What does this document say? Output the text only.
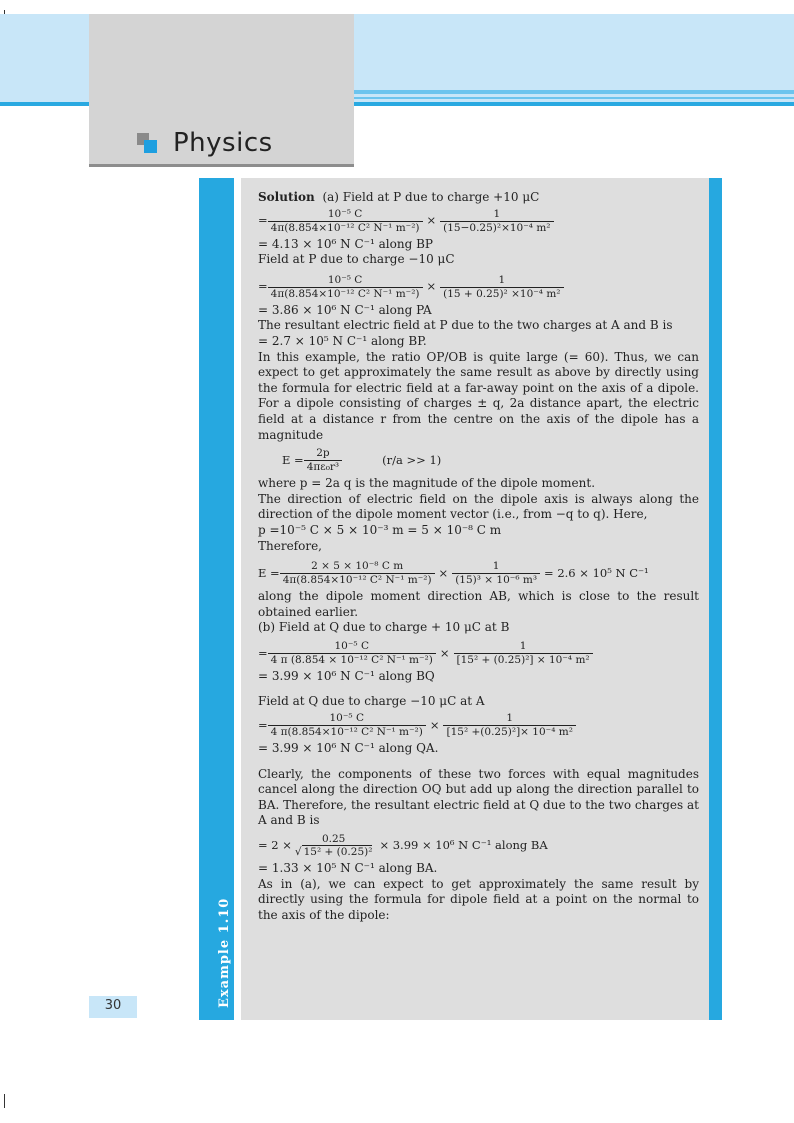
Physics
Example 1.10
30
Solution (a) Field at P due to charge +10 μC
= $\frac{\text{10⁻⁵ C}}{\text{4π(8.854×10⁻¹² C² N⁻¹ m⁻²)}} \times \frac{1}{\text{(15−0.25)²×10⁻⁴ m²}}$
= 4.13 × 10⁶ N C⁻¹ along BP
Field at P due to charge −10 μC
= $\frac{\text{10⁻⁵ C}}{\text{4π(8.854×10⁻¹² C² N⁻¹ m⁻²)}} \times \frac{1}{\text{(15 + 0.25)² ×10⁻⁴ m²}}$
= 3.86 × 10⁶ N C⁻¹ along PA
The resultant electric field at P due to the two charges at A and B is
= 2.7 × 10⁵ N C⁻¹ along BP.

In this example, the ratio OP/OB is quite large (= 60). Thus, we can expect to get approximately the same result as above by directly using the formula for electric field at a far-away point on the axis of a dipole. For a dipole consisting of charges ± q, 2a distance apart, the electric field at a distance r from the centre on the axis of the dipole has a magnitude

$E = \frac{2p}{\text{4πε₀r³}}$	(r/a >> 1)
where p = 2a q is the magnitude of the dipole moment.

The direction of electric field on the dipole axis is always along the direction of the dipole moment vector (i.e., from −q to q). Here,

p =10⁻⁵ C × 5 × 10⁻³ m = 5 × 10⁻⁸ C m
Therefore,
$E = \frac{\text{2 × 5 × 10⁻⁸ C m}}{\text{4π(8.854×10⁻¹² C² N⁻¹ m⁻²)}} \times \frac{1}{\text{(15)³ × 10⁻⁶ m³}} = 2.6 \times 10^5$ N C⁻¹

along the dipole moment direction AB, which is close to the result obtained earlier.

(b) Field at Q due to charge + 10 μC at B
= $\frac{\text{10⁻⁵ C}}{\text{4 π (8.854 × 10⁻¹² C² N⁻¹ m⁻²)}} \times \frac{1}{\text{[15² + (0.25)²] × 10⁻⁴ m²}}$
= 3.99 × 10⁶ N C⁻¹ along BQ
Field at Q due to charge −10 μC at A
= $\frac{\text{10⁻⁵ C}}{\text{4 π(8.854×10⁻¹² C² N⁻¹ m⁻²)}} \times \frac{1}{\text{[15² +(0.25)²]× 10⁻⁴ m²}}$
= 3.99 × 10⁶ N C⁻¹ along QA.

Clearly, the components of these two forces with equal magnitudes cancel along the direction OQ but add up along the direction parallel to BA. Therefore, the resultant electric field at Q due to the two charges at A and B is

= 2 ×	0.25
√ 15² + (0.25)² × 3.99 × 10⁶ N C⁻¹ along BA
= 1.33 × 10⁵ N C⁻¹ along BA.

As in (a), we can expect to get approximately the same result by directly using the formula for dipole field at a point on the normal to the axis of the dipole:
